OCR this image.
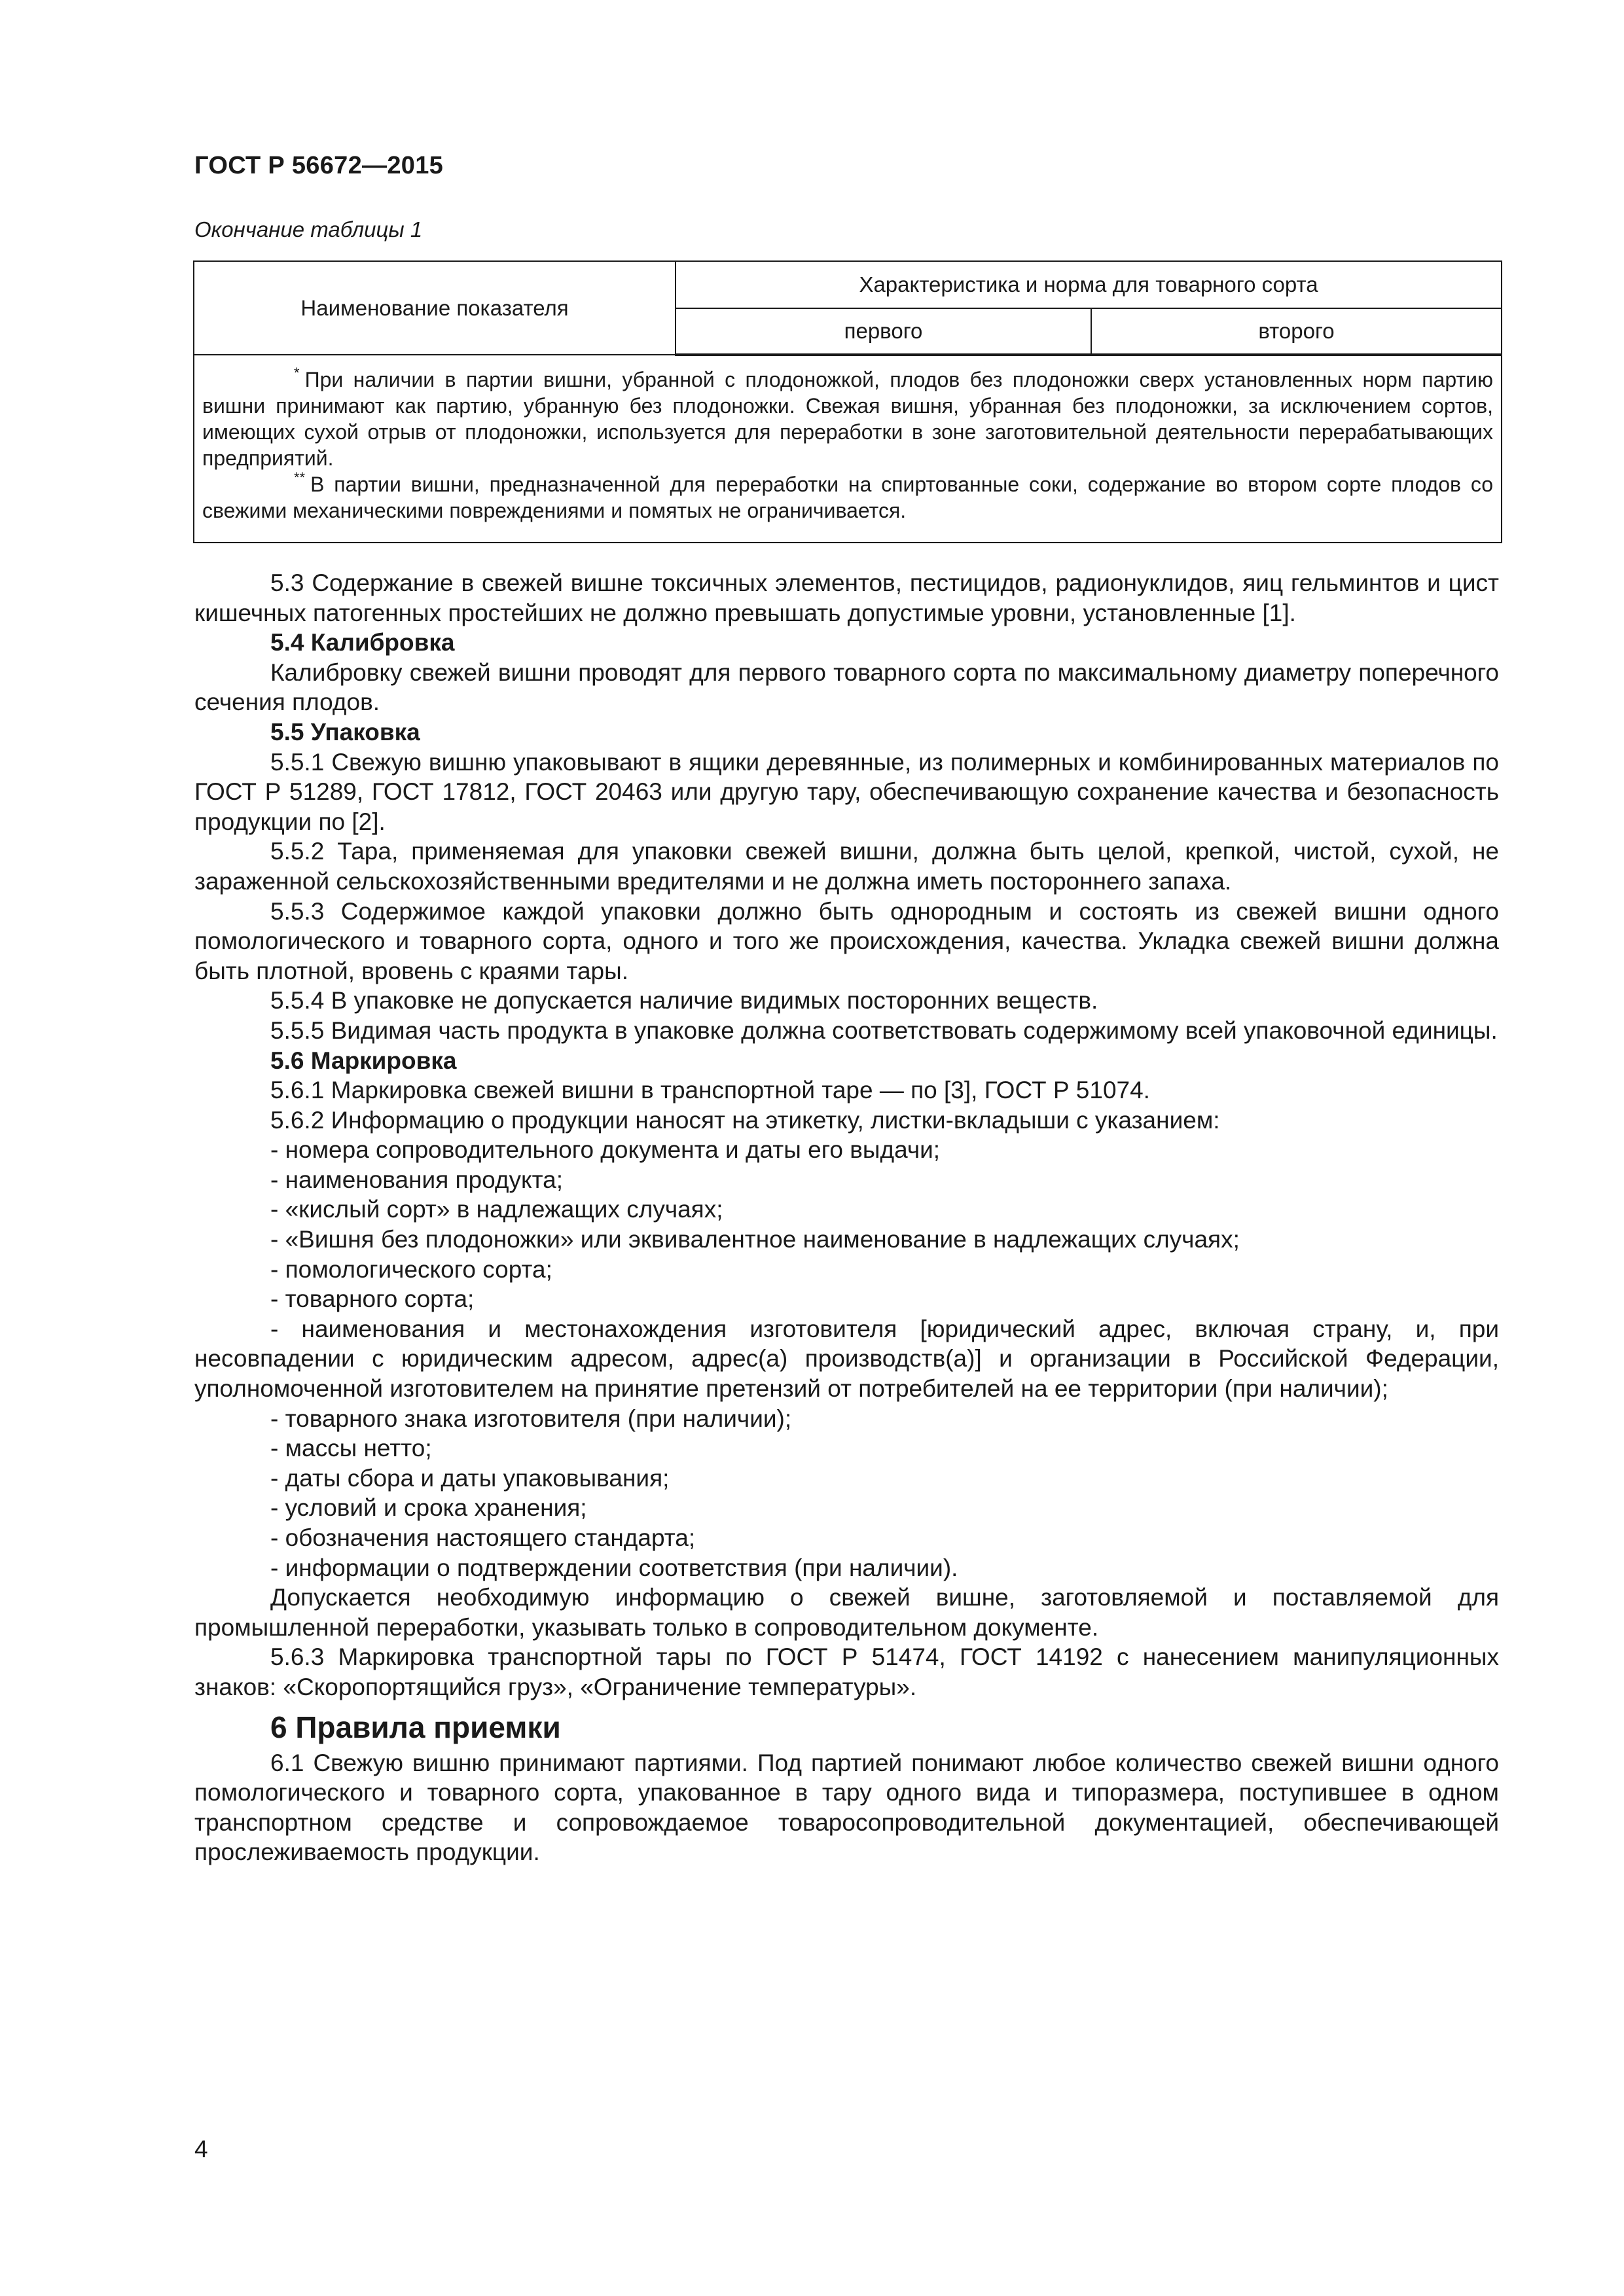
ГОСТ Р 56672—2015
Окончание таблицы 1
Наименование показателя	Характеристика и норма для товарного сорта	
	первого	второго

* При наличии в партии вишни, убранной с плодоножкой, плодов без плодоножки сверх установленных норм партию вишни принимают как партию, убранную без плодоножки. Свежая вишня, убранная без плодоножки, за исключением сортов, имеющих сухой отрыв от плодоножки, используется для переработки в зоне заготовительной деятельности перерабатывающих предприятий.

** В партии вишни, предназначенной для переработки на спиртованные соки, содержание во втором сорте плодов со свежими механическими повреждениями и помятых не ограничивается.		

5.3 Содержание в свежей вишне токсичных элементов, пестицидов, радионуклидов, яиц гельминтов и цист кишечных патогенных простейших не должно превышать допустимые уровни, установленные [1].

5.4 Калибровка

Калибровку свежей вишни проводят для первого товарного сорта по максимальному диаметру поперечного сечения плодов.

5.5 Упаковка

5.5.1 Свежую вишню упаковывают в ящики деревянные, из полимерных и комбинированных материалов по ГОСТ Р 51289, ГОСТ 17812, ГОСТ 20463 или другую тару, обеспечивающую сохранение качества и безопасность продукции по [2].

5.5.2 Тара, применяемая для упаковки свежей вишни, должна быть целой, крепкой, чистой, сухой, не зараженной сельскохозяйственными вредителями и не должна иметь постороннего запаха.

5.5.3 Содержимое каждой упаковки должно быть однородным и состоять из свежей вишни одного помологического и товарного сорта, одного и того же происхождения, качества. Укладка свежей вишни должна быть плотной, вровень с краями тары.

5.5.4 В упаковке не допускается наличие видимых посторонних веществ.

5.5.5 Видимая часть продукта в упаковке должна соответствовать содержимому всей упаковочной единицы.

5.6 Маркировка

5.6.1 Маркировка свежей вишни в транспортной таре — по [3], ГОСТ Р 51074.

5.6.2 Информацию о продукции наносят на этикетку, листки-вкладыши с указанием:

- номера сопроводительного документа и даты его выдачи;

- наименования продукта;

- «кислый сорт» в надлежащих случаях;

- «Вишня без плодоножки» или эквивалентное наименование в надлежащих случаях;

- помологического сорта;

- товарного сорта;

- наименования и местонахождения изготовителя [юридический адрес, включая страну, и, при несовпадении с юридическим адресом, адрес(а) производств(а)] и организации в Российской Федерации, уполномоченной изготовителем на принятие претензий от потребителей на ее территории (при наличии);

- товарного знака изготовителя (при наличии);

- массы нетто;

- даты сбора и даты упаковывания;

- условий и срока хранения;

- обозначения настоящего стандарта;

- информации о подтверждении соответствия (при наличии).

Допускается необходимую информацию о свежей вишне, заготовляемой и поставляемой для промышленной переработки, указывать только в сопроводительном документе.

5.6.3 Маркировка транспортной тары по ГОСТ Р 51474, ГОСТ 14192 с нанесением манипуляционных знаков: «Скоропортящийся груз», «Ограничение температуры».

6 Правила приемки

6.1 Свежую вишню принимают партиями. Под партией понимают любое количество свежей вишни одного помологического и товарного сорта, упакованное в тару одного вида и типоразмера, поступившее в одном транспортном средстве и сопровождаемое товаросопроводительной документацией, обеспечивающей прослеживаемость продукции.

4
